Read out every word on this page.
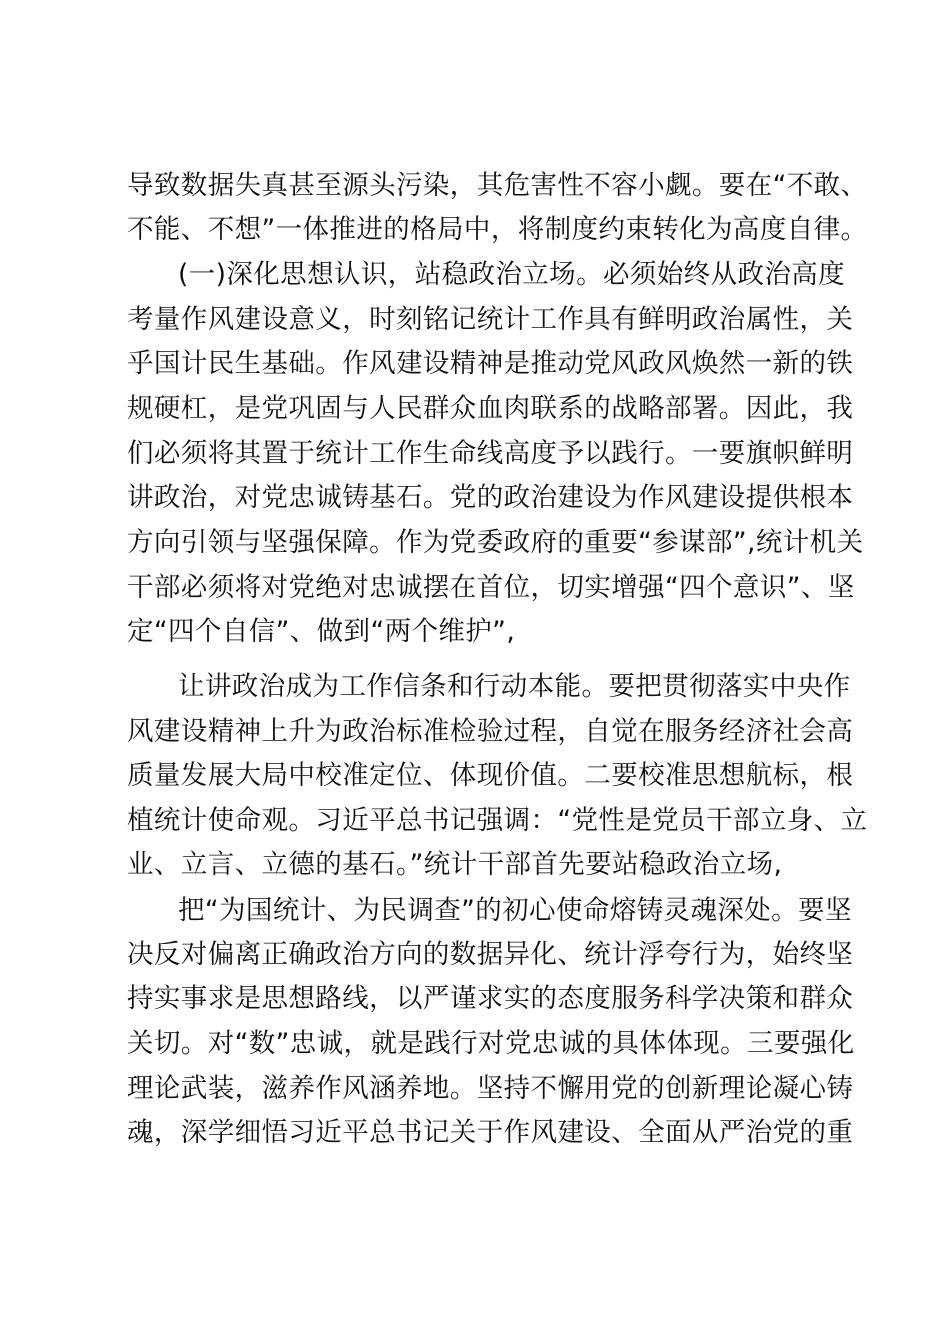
导致数据失真甚至源头污染，其危害性不容小觑。要在“不敢、
不能、不想”一体推进的格局中，将制度约束转化为高度自律。
(一)深化思想认识，站稳政治立场。必须始终从政治高度
考量作风建设意义，时刻铭记统计工作具有鲜明政治属性，关
乎国计民生基础。作风建设精神是推动党风政风焕然一新的铁
规硬杠，是党巩固与人民群众血肉联系的战略部署。因此，我
们必须将其置于统计工作生命线高度予以践行。一要旗帜鲜明
讲政治，对党忠诚铸基石。党的政治建设为作风建设提供根本
方向引领与坚强保障。作为党委政府的重要“参谋部”,统计机关
干部必须将对党绝对忠诚摆在首位，切实增强“四个意识”、坚
定“四个自信”、做到“两个维护”,
让讲政治成为工作信条和行动本能。要把贯彻落实中央作
风建设精神上升为政治标准检验过程，自觉在服务经济社会高
质量发展大局中校准定位、体现价值。二要校准思想航标，根
植统计使命观。习近平总书记强调：“党性是党员干部立身、立
业、立言、立德的基石。”统计干部首先要站稳政治立场,
把“为国统计、为民调查”的初心使命熔铸灵魂深处。要坚
决反对偏离正确政治方向的数据异化、统计浮夸行为，始终坚
持实事求是思想路线，以严谨求实的态度服务科学决策和群众
关切。对“数”忠诚，就是践行对党忠诚的具体体现。三要强化
理论武装，滋养作风涵养地。坚持不懈用党的创新理论凝心铸
魂，深学细悟习近平总书记关于作风建设、全面从严治党的重
